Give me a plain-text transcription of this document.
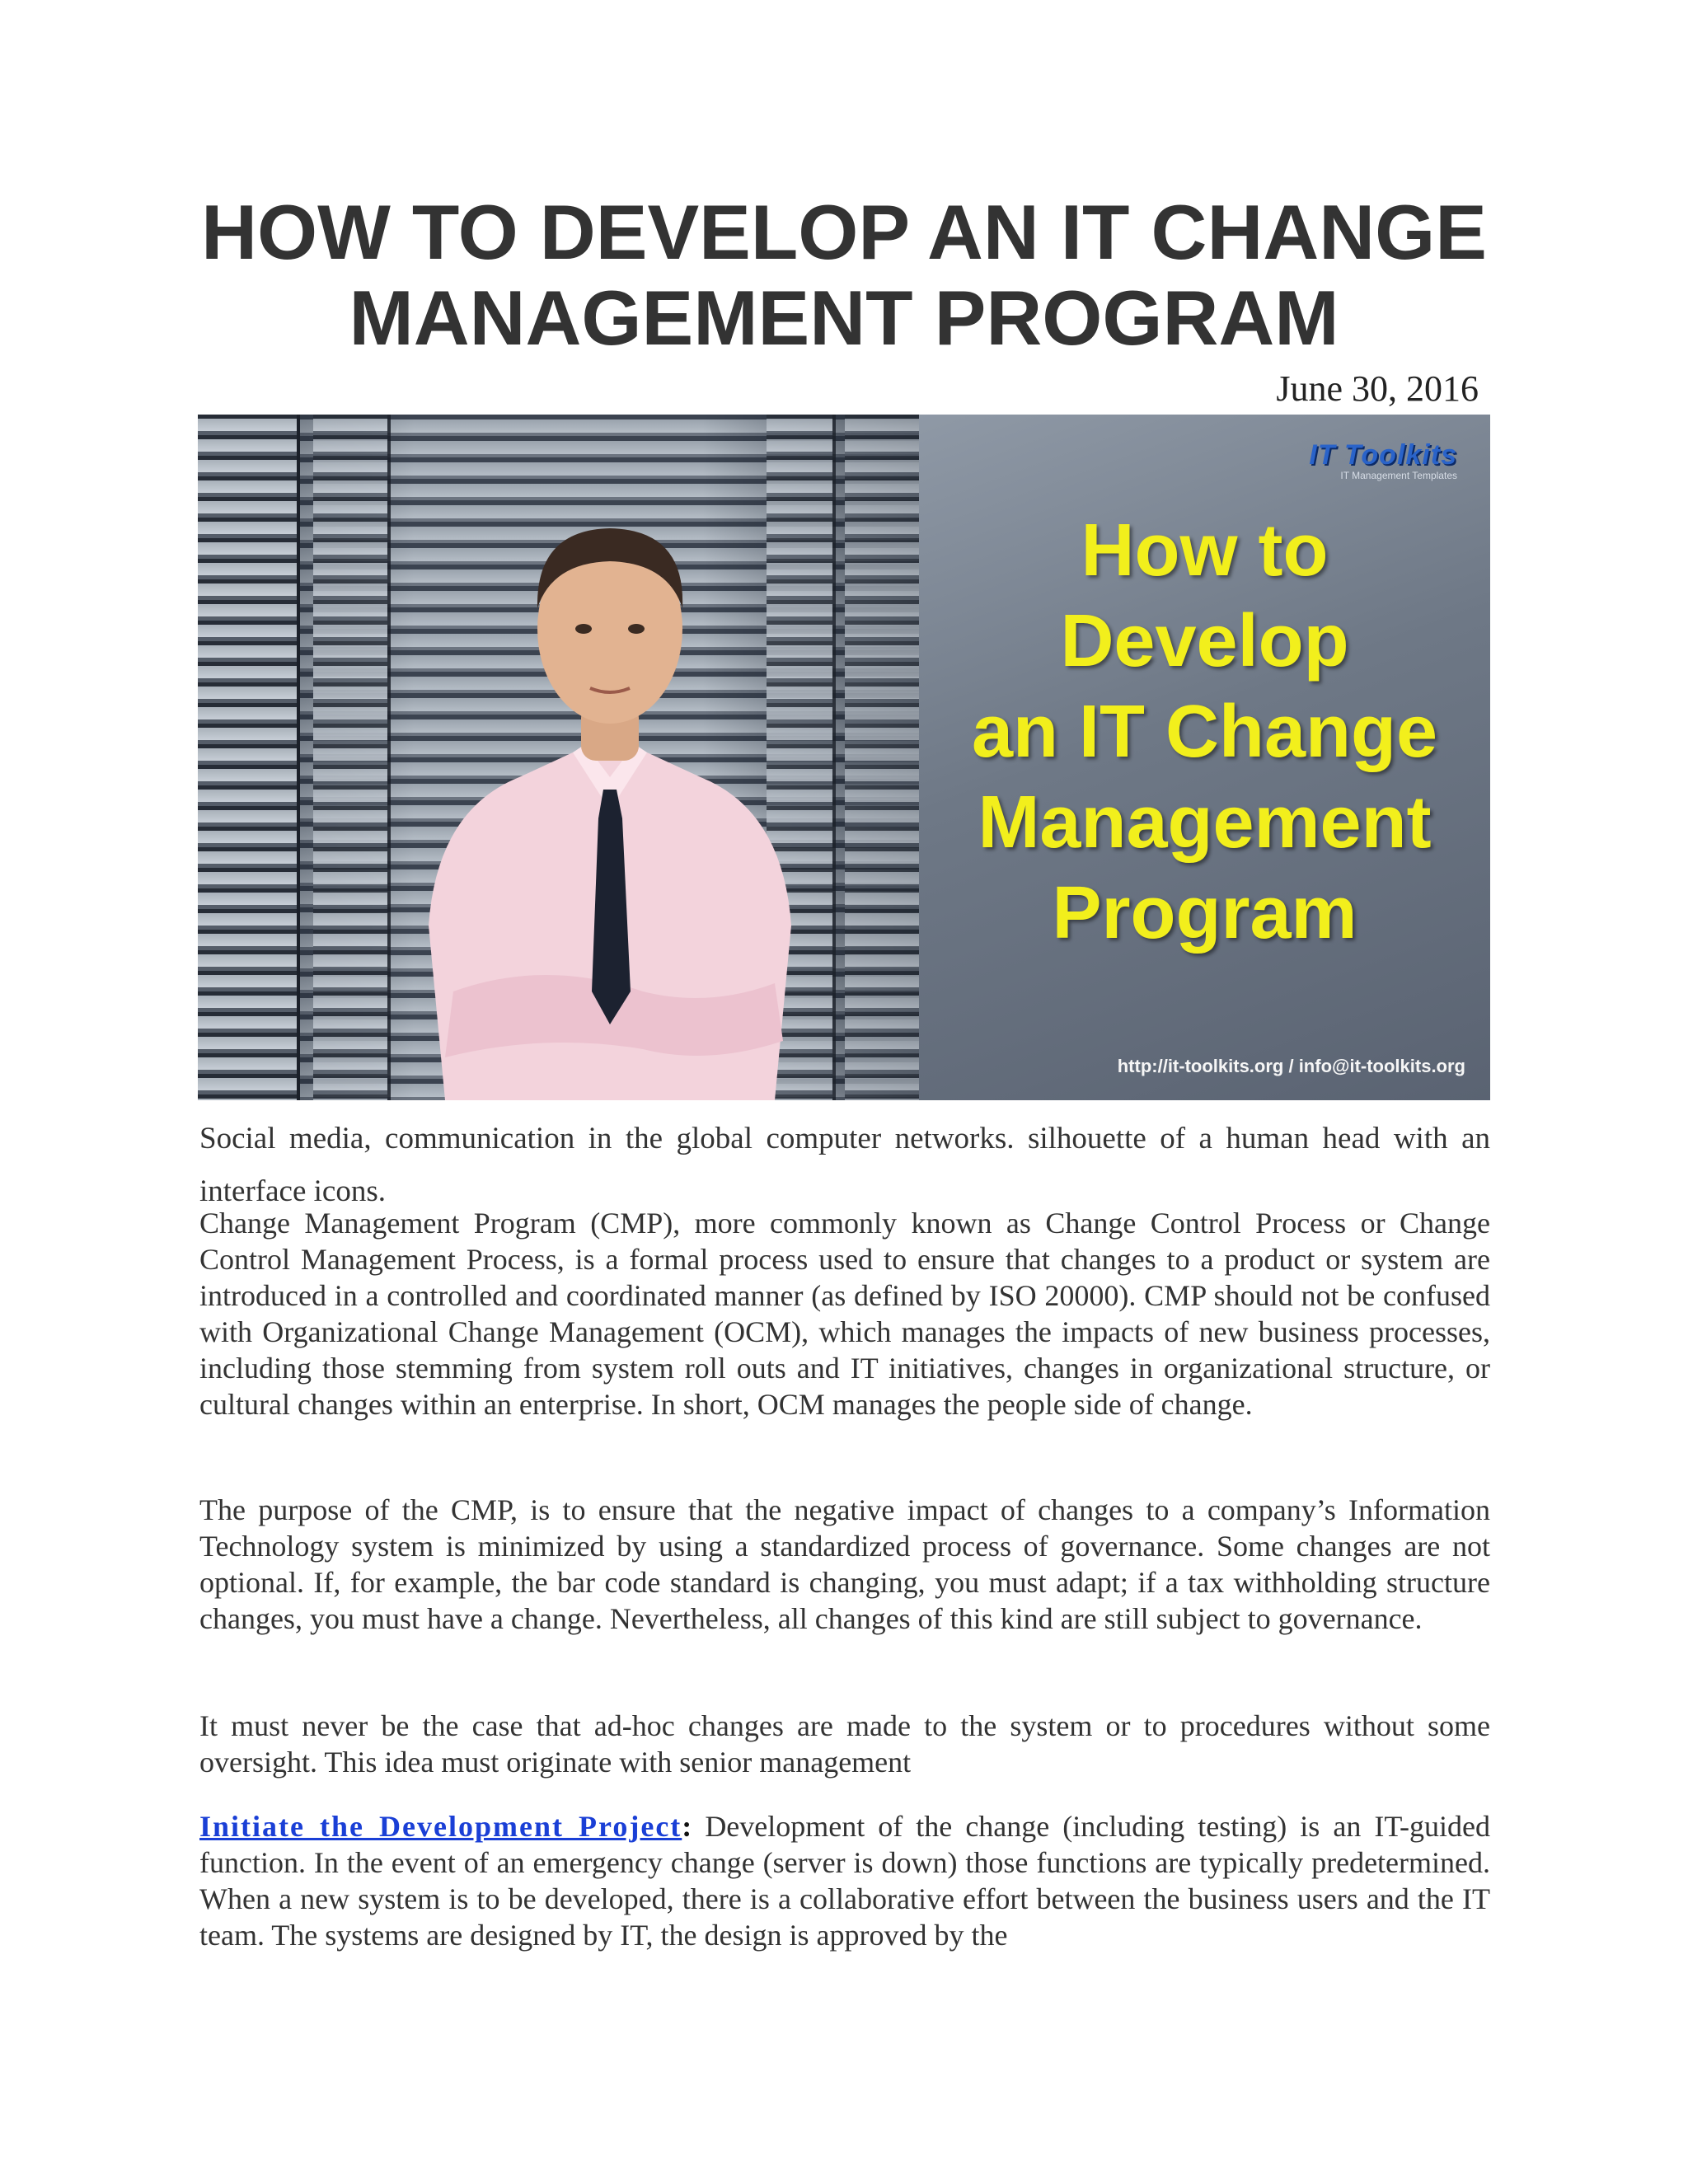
HOW TO DEVELOP AN IT CHANGE
MANAGEMENT PROGRAM
June 30, 2016
IT Toolkits
IT Management Templates
How to
Develop
an IT Change
Management
Program
http://it-toolkits.org / info@it-toolkits.org

Social media, communication in the global computer networks. silhouette of a human head with an interface icons.

Change Management Program (CMP), more commonly known as Change Control Process or Change Control Management Process, is a formal process used to ensure that changes to a product or system are introduced in a controlled and coordinated manner (as defined by ISO 20000). CMP should not be confused with Organizational Change Management (OCM), which manages the impacts of new business processes, including those stemming from system roll outs and IT initiatives, changes in organizational structure, or cultural changes within an enterprise. In short, OCM manages the people side of change.

The purpose of the CMP, is to ensure that the negative impact of changes to a company’s Information Technology system is minimized by using a standardized process of governance. Some changes are not optional. If, for example, the bar code standard is changing, you must adapt; if a tax withholding structure changes, you must have a change. Nevertheless, all changes of this kind are still subject to governance.

It must never be the case that ad-hoc changes are made to the system or to procedures without some oversight. This idea must originate with senior management

Initiate the Development Project: Development of the change (including testing) is an IT-guided function. In the event of an emergency change (server is down) those functions are typically predetermined. When a new system is to be developed, there is a collaborative effort between the business users and the IT team. The systems are designed by IT, the design is approved by the
